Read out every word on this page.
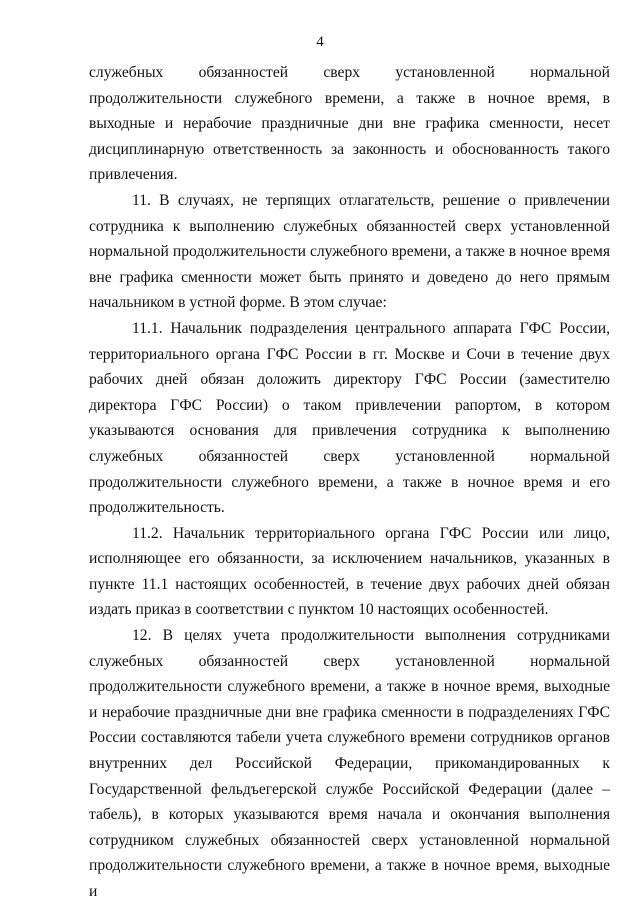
4

служебных обязанностей сверх установленной нормальной продолжительности служебного времени, а также в ночное время, в выходные и нерабочие праздничные дни вне графика сменности, несет дисциплинарную ответственность за законность и обоснованность такого привлечения.

11. В случаях, не терпящих отлагательств, решение о привлечении сотрудника к выполнению служебных обязанностей сверх установленной нормальной продолжительности служебного времени, а также в ночное время вне графика сменности может быть принято и доведено до него прямым начальником в устной форме. В этом случае:

11.1. Начальник подразделения центрального аппарата ГФС России, территориального органа ГФС России в гг. Москве и Сочи в течение двух рабочих дней обязан доложить директору ГФС России (заместителю директора ГФС России) о таком привлечении рапортом, в котором указываются основания для привлечения сотрудника к выполнению служебных обязанностей сверх установленной нормальной продолжительности служебного времени, а также в ночное время и его продолжительность.

11.2. Начальник территориального органа ГФС России или лицо, исполняющее его обязанности, за исключением начальников, указанных в пункте 11.1 настоящих особенностей, в течение двух рабочих дней обязан издать приказ в соответствии с пунктом 10 настоящих особенностей.

12. В целях учета продолжительности выполнения сотрудниками служебных обязанностей сверх установленной нормальной продолжительности служебного времени, а также в ночное время, выходные и нерабочие праздничные дни вне графика сменности в подразделениях ГФС России составляются табели учета служебного времени сотрудников органов внутренних дел Российской Федерации, прикомандированных к Государственной фельдъегерской службе Российской Федерации (далее – табель), в которых указываются время начала и окончания выполнения сотрудником служебных обязанностей сверх установленной нормальной продолжительности служебного времени, а также в ночное время, выходные и
